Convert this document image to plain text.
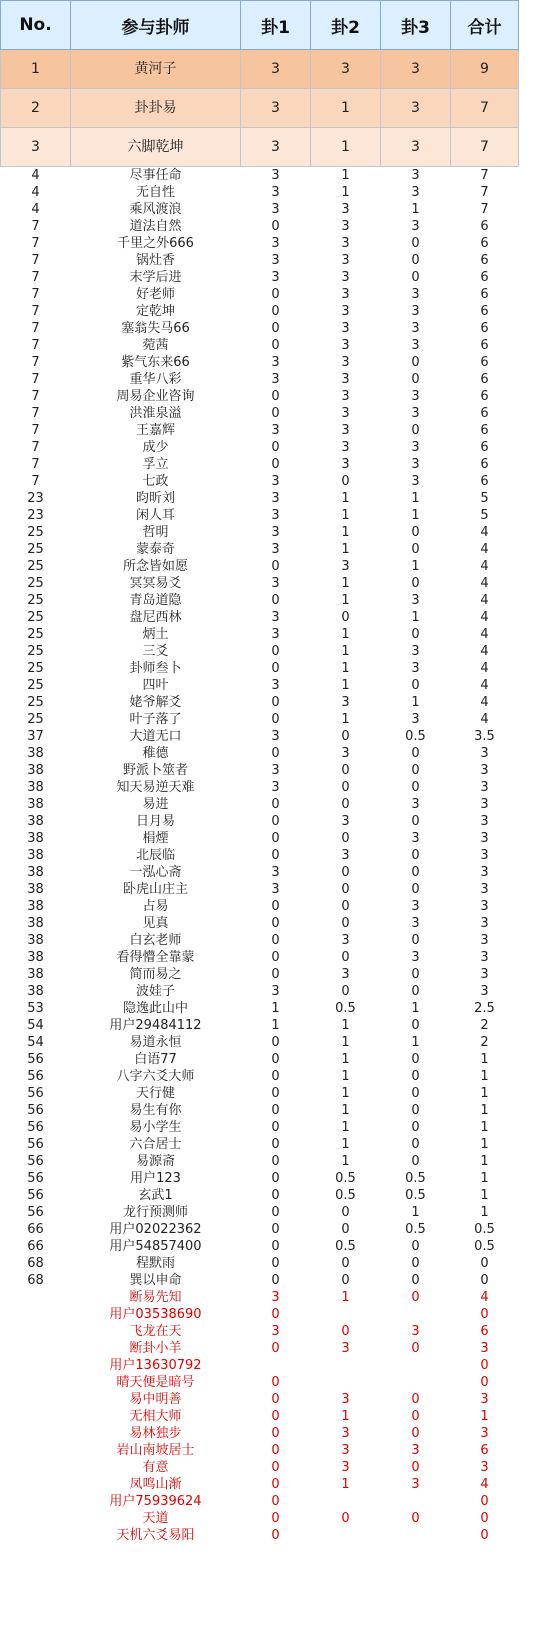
No.	参与卦师	卦1	卦2	卦3	合计
1	黄河子	3	3	3	9
2	卦卦易	3	1	3	7
3	六脚乾坤	3	1	3	7
4	尽事任命	3	1	3	7
4	无自性	3	1	3	7
4	乘风渡浪	3	3	1	7
7	道法自然	0	3	3	6
7	千里之外666	3	3	0	6
7	锅灶香	3	3	0	6
7	末学后进	3	3	0	6
7	好老师	0	3	3	6
7	定乾坤	0	3	3	6
7	塞翁失马66	0	3	3	6
7	菀茜	0	3	3	6
7	紫气东来66	3	3	0	6
7	重华八彩	3	3	0	6
7	周易企业咨询	0	3	3	6
7	洪淮泉溢	0	3	3	6
7	王嘉辉	3	3	0	6
7	成少	0	3	3	6
7	孚立	0	3	3	6
7	七政	3	0	3	6
23	昀昕刘	3	1	1	5
23	闲人耳	3	1	1	5
25	哲明	3	1	0	4
25	蒙泰奇	3	1	0	4
25	所念皆如愿	0	3	1	4
25	冥冥易爻	3	1	0	4
25	青岛道隐	0	1	3	4
25	盘尼西林	3	0	1	4
25	炳土	3	1	0	4
25	三爻	0	1	3	4
25	卦师叁卜	0	1	3	4
25	四叶	3	1	0	4
25	姥爷解爻	0	3	1	4
25	叶子落了	0	1	3	4
37	大道无口	3	0	0.5	3.5
38	稚德	0	3	0	3
38	野派卜筮者	3	0	0	3
38	知天易逆天难	3	0	0	3
38	易进	0	0	3	3
38	日月易	0	3	0	3
38	梋煙	0	0	3	3
38	北辰临	0	3	0	3
38	一泓心斋	3	0	0	3
38	卧虎山庄主	3	0	0	3
38	占易	0	0	3	3
38	见真	0	0	3	3
38	白玄老师	0	3	0	3
38	看得懵全靠蒙	0	0	3	3
38	简而易之	0	3	0	3
38	波娃子	3	0	0	3
53	隐逸此山中	1	0.5	1	2.5
54	用户29484112	1	1	0	2
54	易道永恒	0	1	1	2
56	白语77	0	1	0	1
56	八字六爻大师	0	1	0	1
56	天行健	0	1	0	1
56	易生有你	0	1	0	1
56	易小学生	0	1	0	1
56	六合居士	0	1	0	1
56	易源斋	0	1	0	1
56	用户123	0	0.5	0.5	1
56	玄武1	0	0.5	0.5	1
56	龙行预测师	0	0	1	1
66	用户02022362	0	0	0.5	0.5
66	用户54857400	0	0.5	0	0.5
68	程默雨	0	0	0	0
68	巽以申命	0	0	0	0
	断易先知	3	1	0	4
	用户03538690	0			0
	飞龙在天	3	0	3	6
	断卦小羊	0	3	0	3
	用户13630792				0
	晴天便是暗号	0			0
	易中明善	0	3	0	3
	无相大师	0	1	0	1
	易林独步	0	3	0	3
	岩山南坡居士	0	3	3	6
	有意	0	3	0	3
	凤鸣山渐	0	1	3	4
	用户75939624	0			0
	天道	0	0	0	0
	天机六爻易阳	0			0
